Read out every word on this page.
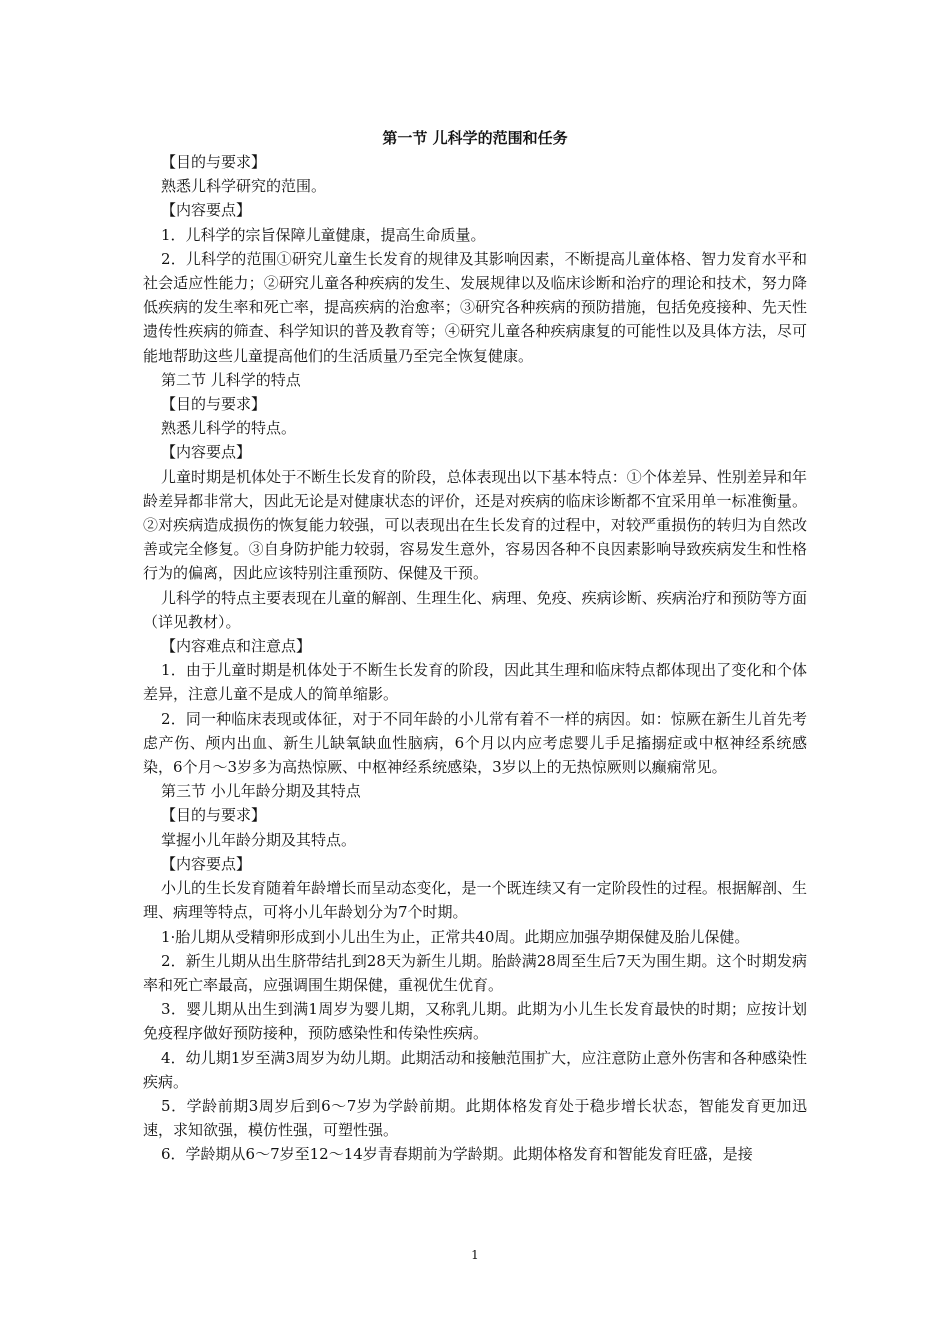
第一节 儿科学的范围和任务

【目的与要求】

熟悉儿科学研究的范围。

【内容要点】

1．儿科学的宗旨保障儿童健康，提高生命质量。

2．儿科学的范围①研究儿童生长发育的规律及其影响因素，不断提高儿童体格、智力发育水平和社会适应性能力；②研究儿童各种疾病的发生、发展规律以及临床诊断和治疗的理论和技术，努力降低疾病的发生率和死亡率，提高疾病的治愈率；③研究各种疾病的预防措施，包括免疫接种、先天性遗传性疾病的筛查、科学知识的普及教育等；④研究儿童各种疾病康复的可能性以及具体方法，尽可能地帮助这些儿童提高他们的生活质量乃至完全恢复健康。

第二节 儿科学的特点

【目的与要求】

熟悉儿科学的特点。

【内容要点】

儿童时期是机体处于不断生长发育的阶段，总体表现出以下基本特点：①个体差异、性别差异和年龄差异都非常大，因此无论是对健康状态的评价，还是对疾病的临床诊断都不宜采用单一标准衡量。②对疾病造成损伤的恢复能力较强，可以表现出在生长发育的过程中，对较严重损伤的转归为自然改善或完全修复。③自身防护能力较弱，容易发生意外，容易因各种不良因素影响导致疾病发生和性格行为的偏离，因此应该特别注重预防、保健及干预。

儿科学的特点主要表现在儿童的解剖、生理生化、病理、免疫、疾病诊断、疾病治疗和预防等方面（详见教材）。

【内容难点和注意点】

1．由于儿童时期是机体处于不断生长发育的阶段，因此其生理和临床特点都体现出了变化和个体差异，注意儿童不是成人的简单缩影。

2．同一种临床表现或体征，对于不同年龄的小儿常有着不一样的病因。如：惊厥在新生儿首先考虑产伤、颅内出血、新生儿缺氧缺血性脑病，6个月以内应考虑婴儿手足搐搦症或中枢神经系统感染，6个月～3岁多为高热惊厥、中枢神经系统感染，3岁以上的无热惊厥则以癫痫常见。

第三节 小儿年龄分期及其特点

【目的与要求】

掌握小儿年龄分期及其特点。

【内容要点】

小儿的生长发育随着年龄增长而呈动态变化，是一个既连续又有一定阶段性的过程。根据解剖、生理、病理等特点，可将小儿年龄划分为7个时期。

1·胎儿期从受精卵形成到小儿出生为止，正常共40周。此期应加强孕期保健及胎儿保健。

2．新生儿期从出生脐带结扎到28天为新生儿期。胎龄满28周至生后7天为围生期。这个时期发病率和死亡率最高，应强调围生期保健，重视优生优育。

3．婴儿期从出生到满1周岁为婴儿期，又称乳儿期。此期为小儿生长发育最快的时期；应按计划免疫程序做好预防接种，预防感染性和传染性疾病。

4．幼儿期1岁至满3周岁为幼儿期。此期活动和接触范围扩大，应注意防止意外伤害和各种感染性疾病。

5．学龄前期3周岁后到6～7岁为学龄前期。此期体格发育处于稳步增长状态，智能发育更加迅速，求知欲强，模仿性强，可塑性强。

6．学龄期从6～7岁至12～14岁青春期前为学龄期。此期体格发育和智能发育旺盛，是接

1
